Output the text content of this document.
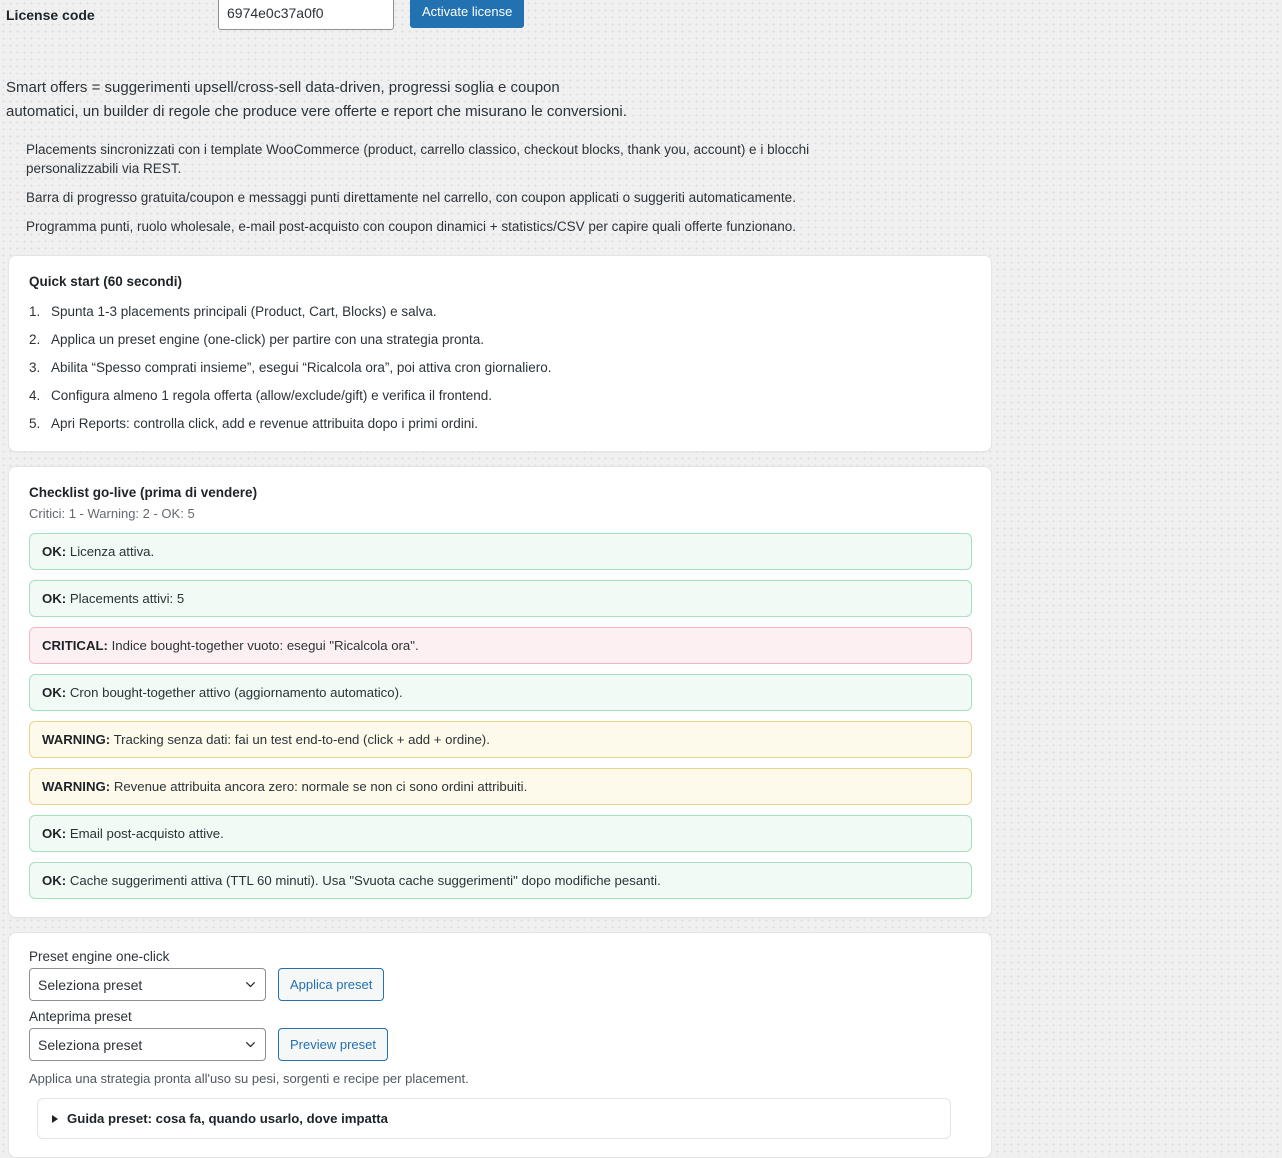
License code
6974e0c37a0f0	Activate license

Smart offers = suggerimenti upsell/cross-sell data-driven, progressi soglia e coupon automatici, un builder di regole che produce vere offerte e report che misurano le conversioni.

Placements sincronizzati con i template WooCommerce (product, carrello classico, checkout blocks, thank you, account) e i blocchi personalizzabili via REST.
Barra di progresso gratuita/coupon e messaggi punti direttamente nel carrello, con coupon applicati o suggeriti automaticamente.
Programma punti, ruolo wholesale, e-mail post-acquisto con coupon dinamici + statistics/CSV per capire quali offerte funzionano.
Quick start (60 secondi)
Spunta 1-3 placements principali (Product, Cart, Blocks) e salva.
Applica un preset engine (one-click) per partire con una strategia pronta.
Abilita “Spesso comprati insieme”, esegui “Ricalcola ora”, poi attiva cron giornaliero.
Configura almeno 1 regola offerta (allow/exclude/gift) e verifica il frontend.
Apri Reports: controlla click, add e revenue attribuita dopo i primi ordini.
Checklist go-live (prima di vendere)
Critici: 1 - Warning: 2 - OK: 5
OK: Licenza attiva.
OK: Placements attivi: 5
CRITICAL: Indice bought-together vuoto: esegui "Ricalcola ora".
OK: Cron bought-together attivo (aggiornamento automatico).
WARNING: Tracking senza dati: fai un test end-to-end (click + add + ordine).
WARNING: Revenue attribuita ancora zero: normale se non ci sono ordini attribuiti.
OK: Email post-acquisto attive.
OK: Cache suggerimenti attiva (TTL 60 minuti). Usa "Svuota cache suggerimenti" dopo modifiche pesanti.
Preset engine one-click
Seleziona preset
Applica preset
Anteprima preset
Seleziona preset
Preview preset
Applica una strategia pronta all'uso su pesi, sorgenti e recipe per placement.
Guida preset: cosa fa, quando usarlo, dove impatta
